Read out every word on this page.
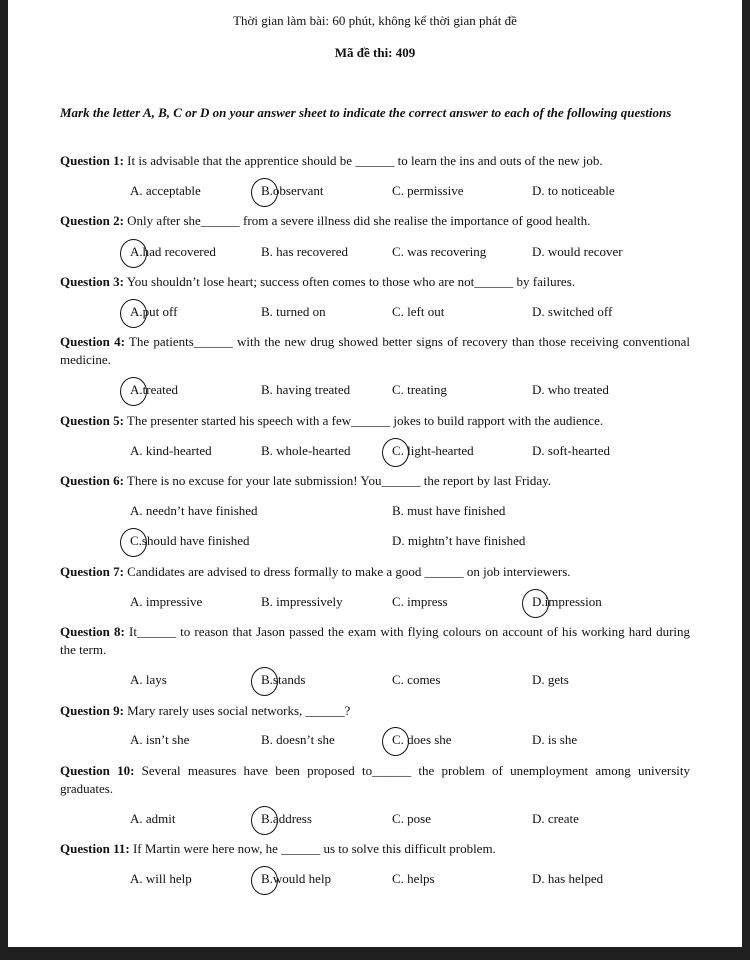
Thời gian làm bài: 60 phút, không kể thời gian phát đề
Mã đề thi: 409
Mark the letter A, B, C or D on your answer sheet to indicate the correct answer to each of the following questions
Question 1: It is advisable that the apprentice should be ______ to learn the ins and outs of the new job.
A. acceptable	B.observant	C. permissive	D. to noticeable
Question 2: Only after she______ from a severe illness did she realise the importance of good health.
A.had recovered	B. has recovered	C. was recovering	D. would recover
Question 3: You shouldn’t lose heart; success often comes to those who are not______ by failures.
A.put off	B. turned on	C. left out	D. switched off
Question 4: The patients______ with the new drug showed better signs of recovery than those receiving conventional medicine.
A.treated	B. having treated	C. treating	D. who treated
Question 5: The presenter started his speech with a few______ jokes to build rapport with the audience.
A. kind-hearted	B. whole-hearted	C. light-hearted	D. soft-hearted
Question 6: There is no excuse for your late submission! You______ the report by last Friday.
A. needn’t have finished	B. must have finished
C.should have finished	D. mightn’t have finished
Question 7: Candidates are advised to dress formally to make a good ______ on job interviewers.
A. impressive	B. impressively	C. impress	D.impression
Question 8: It______ to reason that Jason passed the exam with flying colours on account of his working hard during the term.
A. lays	B.stands	C. comes	D. gets
Question 9: Mary rarely uses social networks, ______?
A. isn’t she	B. doesn’t she	C. does she	D. is she
Question 10: Several measures have been proposed to______ the problem of unemployment among university graduates.
A. admit	B.address	C. pose	D. create
Question 11: If Martin were here now, he ______ us to solve this difficult problem.
A. will help	B.would help	C. helps	D. has helped
